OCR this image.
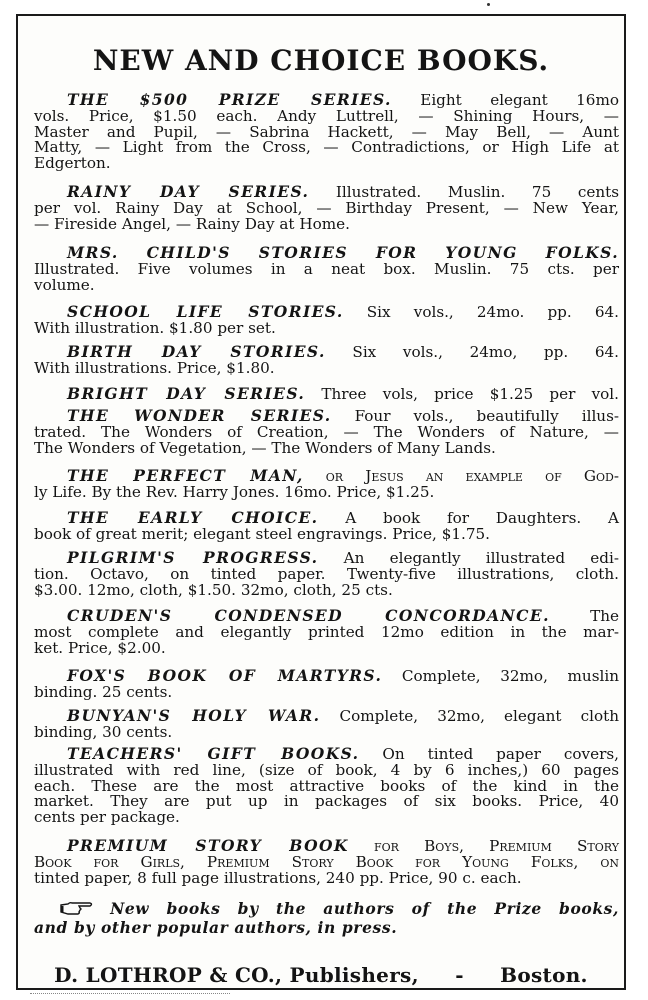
NEW AND CHOICE BOOKS.
THE $500 PRIZE SERIES. Eight elegant 16mo
vols. Price, $1.50 each. Andy Luttrell, — Shining Hours, —
Master and Pupil, — Sabrina Hackett, — May Bell, — Aunt
Matty, — Light from the Cross, — Contradictions, or High Life at
Edgerton.
RAINY DAY SERIES. Illustrated. Muslin. 75 cents
per vol. Rainy Day at School, — Birthday Present, — New Year,
— Fireside Angel, — Rainy Day at Home.
MRS. CHILD'S STORIES FOR YOUNG FOLKS.
Illustrated. Five volumes in a neat box. Muslin. 75 cts. per
volume.
SCHOOL LIFE STORIES. Six vols., 24mo. pp. 64.
With illustration. $1.80 per set.
BIRTH DAY STORIES. Six vols., 24mo, pp. 64.
With illustrations. Price, $1.80.
BRIGHT DAY SERIES. Three vols, price $1.25 per vol.
THE WONDER SERIES. Four vols., beautifully illus-
trated. The Wonders of Creation, — The Wonders of Nature, —
The Wonders of Vegetation, — The Wonders of Many Lands.
THE PERFECT MAN, or Jesus an example of God-
ly Life. By the Rev. Harry Jones. 16mo. Price, $1.25.
THE EARLY CHOICE. A book for Daughters. A
book of great merit; elegant steel engravings. Price, $1.75.
PILGRIM'S PROGRESS. An elegantly illustrated edi-
tion. Octavo, on tinted paper. Twenty-five illustrations, cloth.
$3.00. 12mo, cloth, $1.50. 32mo, cloth, 25 cts.
CRUDEN'S CONDENSED CONCORDANCE.	The
most complete and elegantly printed 12mo edition in the mar-
ket. Price, $2.00.
FOX'S BOOK OF MARTYRS. Complete, 32mo, muslin
binding. 25 cents.
BUNYAN'S HOLY WAR. Complete, 32mo, elegant cloth
binding, 30 cents.
TEACHERS' GIFT BOOKS. On tinted paper covers,
illustrated with red line, (size of book, 4 by 6 inches,) 60 pages
each. These are the most attractive books of the kind in the
market. They are put up in packages of six books. Price, 40
cents per package.
PREMIUM STORY BOOK for Boys, Premium Story
Book for Girls, Premium Story Book for Young Folks, on
tinted paper, 8 full page illustrations, 240 pp. Price, 90 c. each.
New books by the authors of the Prize books,
and by other popular authors, in press.
D. LOTHROP & CO., Publishers, - Boston.
